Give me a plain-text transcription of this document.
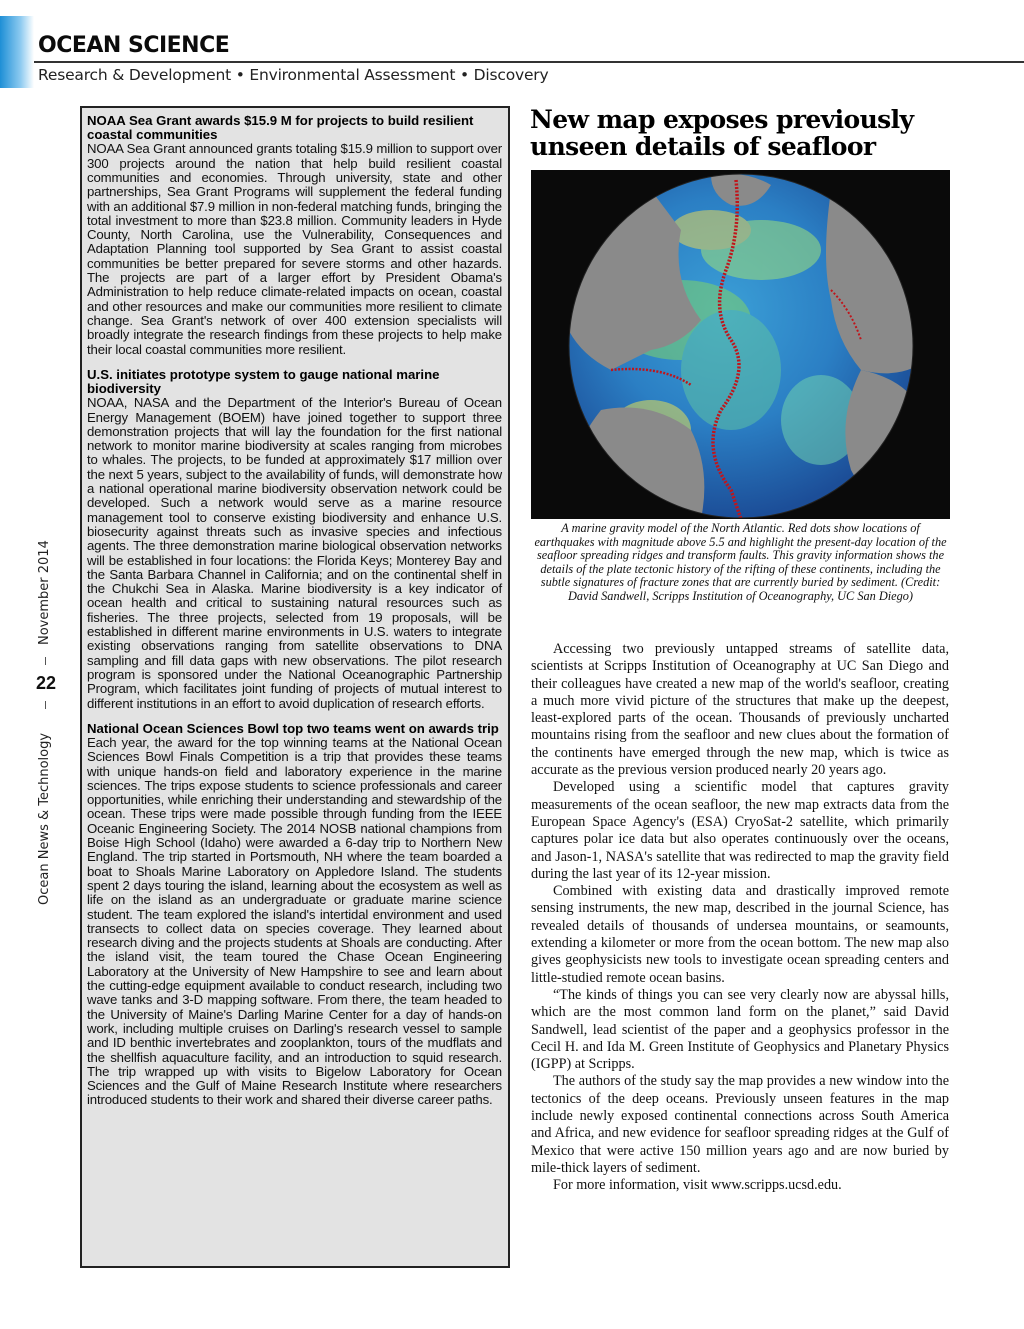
OCEAN SCIENCE
Research & Development • Environmental Assessment • Discovery
November 2014
Ocean News & Technology
22
NOAA Sea Grant awards $15.9 M for projects to build resilient coastal communities
NOAA Sea Grant announced grants totaling $15.9 million to support over 300 projects around the nation that help build resilient coastal communities and economies. Through university, state and other partnerships, Sea Grant Programs will supplement the federal funding with an additional $7.9 million in non-federal matching funds, bringing the total investment to more than $23.8 million. Community leaders in Hyde County, North Carolina, use the Vulnerability, Consequences and Adaptation Planning tool supported by Sea Grant to assist coastal communities be better prepared for severe storms and other hazards. The projects are part of a larger effort by President Obama's Administration to help reduce climate-related impacts on ocean, coastal and other resources and make our communities more resilient to climate change. Sea Grant's network of over 400 extension specialists will broadly integrate the research findings from these projects to help make their local coastal communities more resilient.
U.S. initiates prototype system to gauge national marine biodiversity
NOAA, NASA and the Department of the Interior's Bureau of Ocean Energy Management (BOEM) have joined together to support three demonstration projects that will lay the foundation for the first national network to monitor marine biodiversity at scales ranging from microbes to whales. The projects, to be funded at approximately $17 million over the next 5 years, subject to the availability of funds, will demonstrate how a national operational marine biodiversity observation network could be developed. Such a network would serve as a marine resource management tool to conserve existing biodiversity and enhance U.S. biosecurity against threats such as invasive species and infectious agents. The three demonstration marine biological observation networks will be established in four locations: the Florida Keys; Monterey Bay and the Santa Barbara Channel in California; and on the continental shelf in the Chukchi Sea in Alaska. Marine biodiversity is a key indicator of ocean health and critical to sustaining natural resources such as fisheries. The three projects, selected from 19 proposals, will be established in different marine environments in U.S. waters to integrate existing observations ranging from satellite observations to DNA sampling and fill data gaps with new observations. The pilot research program is sponsored under the National Oceanographic Partnership Program, which facilitates joint funding of projects of mutual interest to different institutions in an effort to avoid duplication of research efforts.
National Ocean Sciences Bowl top two teams went on awards trip
Each year, the award for the top winning teams at the National Ocean Sciences Bowl Finals Competition is a trip that provides these teams with unique hands-on field and laboratory experience in the marine sciences. The trips expose students to science professionals and career opportunities, while enriching their understanding and stewardship of the ocean. These trips were made possible through funding from the IEEE Oceanic Engineering Society. The 2014 NOSB national champions from Boise High School (Idaho) were awarded a 6-day trip to Northern New England. The trip started in Portsmouth, NH where the team boarded a boat to Shoals Marine Laboratory on Appledore Island. The students spent 2 days touring the island, learning about the ecosystem as well as life on the island as an undergraduate or graduate marine science student. The team explored the island's intertidal environment and used transects to collect data on species coverage. They learned about research diving and the projects students at Shoals are conducting. After the island visit, the team toured the Chase Ocean Engineering Laboratory at the University of New Hampshire to see and learn about the cutting-edge equipment available to conduct research, including two wave tanks and 3-D mapping software. From there, the team headed to the University of Maine's Darling Marine Center for a day of hands-on work, including multiple cruises on Darling's research vessel to sample and ID benthic invertebrates and zooplankton, tours of the mudflats and the shellfish aquaculture facility, and an introduction to squid research. The trip wrapped up with visits to Bigelow Laboratory for Ocean Sciences and the Gulf of Maine Research Institute where researchers introduced students to their work and shared their diverse career paths.
New map exposes previously unseen details of seafloor
A marine gravity model of the North Atlantic. Red dots show locations of earthquakes with magnitude above 5.5 and highlight the present-day location of the seafloor spreading ridges and transform faults. This gravity information shows the details of the plate tectonic history of the rifting of these continents, including the subtle signatures of fracture zones that are currently buried by sediment. (Credit: David Sandwell, Scripps Institution of Oceanography, UC San Diego)

Accessing two previously untapped streams of satellite data, scientists at Scripps Institution of Oceanography at UC San Diego and their colleagues have created a new map of the world's seafloor, creating a much more vivid picture of the structures that make up the deepest, least-explored parts of the ocean. Thousands of previously uncharted mountains rising from the seafloor and new clues about the formation of the continents have emerged through the new map, which is twice as accurate as the previous version produced nearly 20 years ago.

Developed using a scientific model that captures gravity measurements of the ocean seafloor, the new map extracts data from the European Space Agency's (ESA) CryoSat-2 satellite, which primarily captures polar ice data but also operates continuously over the oceans, and Jason-1, NASA's satellite that was redirected to map the gravity field during the last year of its 12-year mission.

Combined with existing data and drastically improved remote sensing instruments, the new map, described in the journal Science, has revealed details of thousands of undersea mountains, or seamounts, extending a kilometer or more from the ocean bottom. The new map also gives geophysicists new tools to investigate ocean spreading centers and little-studied remote ocean basins.

“The kinds of things you can see very clearly now are abyssal hills, which are the most common land form on the planet,” said David Sandwell, lead scientist of the paper and a geophysics professor in the Cecil H. and Ida M. Green Institute of Geophysics and Planetary Physics (IGPP) at Scripps.

The authors of the study say the map provides a new window into the tectonics of the deep oceans. Previously unseen features in the map include newly exposed continental connections across South America and Africa, and new evidence for seafloor spreading ridges at the Gulf of Mexico that were active 150 million years ago and are now buried by mile-thick layers of sediment.

For more information, visit www.scripps.ucsd.edu.
